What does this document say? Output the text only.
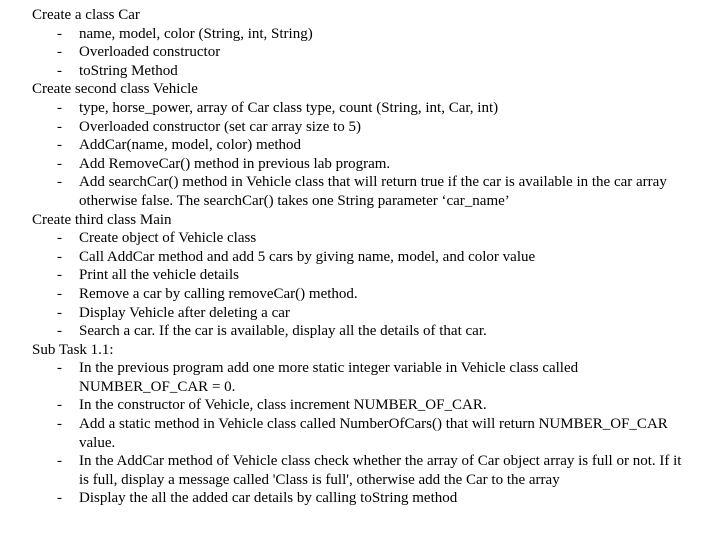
Create a class Car
- name, model, color (String, int, String)
- Overloaded constructor
- toString Method
Create second class Vehicle
- type, horse_power, array of Car class type, count (String, int, Car, int)
- Overloaded constructor (set car array size to 5)
- AddCar(name, model, color) method
- Add RemoveCar() method in previous lab program.
- Add searchCar() method in Vehicle class that will return true if the car is available in the car array otherwise false. The searchCar() takes one String parameter ‘car_name’
Create third class Main
- Create object of Vehicle class
- Call AddCar method and add 5 cars by giving name, model, and color value
- Print all the vehicle details
- Remove a car by calling removeCar() method.
- Display Vehicle after deleting a car
- Search a car. If the car is available, display all the details of that car.
Sub Task 1.1:
- In the previous program add one more static integer variable in Vehicle class called NUMBER_OF_CAR = 0.
- In the constructor of Vehicle, class increment NUMBER_OF_CAR.
- Add a static method in Vehicle class called NumberOfCars() that will return NUMBER_OF_CAR value.
- In the AddCar method of Vehicle class check whether the array of Car object array is full or not. If it is full, display a message called 'Class is full', otherwise add the Car to the array
- Display the all the added car details by calling toString method
